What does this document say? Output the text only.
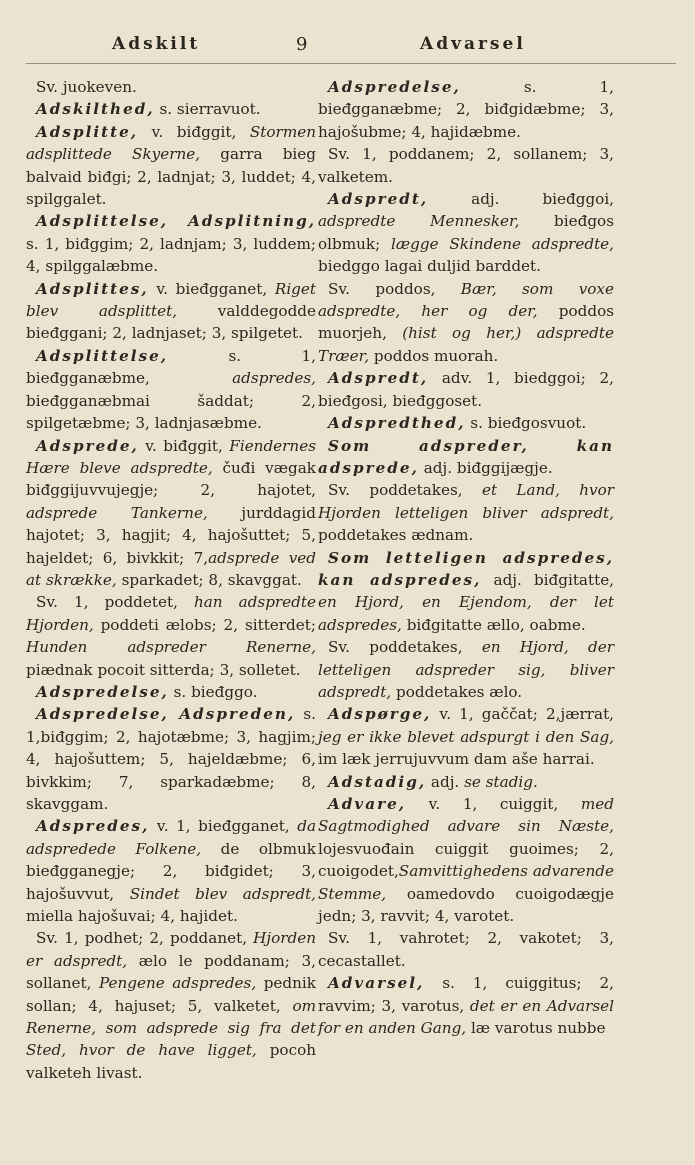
Adskilt	9	Advarsel

Sv. juokeven.

Adskilthed, s. sierravuot.

Adsplitte, v. biđggit, Stormen adsplittede Skyerne, garra bieg balvaid biđgi; 2, ladnjat; 3, luddet; 4, spilggalet.

Adsplittelse, Adsplitning, s. 1, biđggim; 2, ladnjam; 3, luddem; 4, spilggalæbme.

Adsplittes, v. bieđgganet, Riget blev adsplittet, valddegodde bieđggani; 2, ladnjaset; 3, spilgetet.

Adsplittelse, s. 1, bieđgganæbme, adspredes, bieđgganæbmai šaddat; 2, spilgetæbme; 3, ladnjasæbme.

Adsprede, v. biđggit, Fiendernes Hære bleve adspredte, čuđi vægak biđggijuvvujegje; 2, hajotet, adsprede Tankerne, jurddagid hajotet; 3, hagjit; 4, hajošuttet; 5, hajeldet; 6, bivkkit; 7,adsprede ved at skrække, sparkadet; 8, skavggat.

Sv. 1, poddetet, han adspredte Hjorden, poddeti ælobs; 2, sitterdet; Hunden adspreder Renerne, piædnak pocoit sitterda; 3, solletet.

Adspredelse, s. bieđggo.

Adspredelse, Adspreden, s. 1,biđggim; 2, hajotæbme; 3, hagjim; 4, hajošuttem; 5, hajeldæbme; 6, bivkkim; 7, sparkadæbme; 8, skavggam.

Adspredes, v. 1, bieđgganet, da adspredede Folkene, de olbmuk bieđgganegje; 2, biđgidet; 3, hajošuvvut, Sindet blev adspredt, miella hajošuvai; 4, hajidet.

Sv. 1, podhet; 2, poddanet, Hjorden er adspredt, ælo le poddanam; 3, sollanet, Pengene adspredes, pednik sollan; 4, hajuset; 5, valketet, om Renerne, som adsprede sig fra det Sted, hvor de have ligget, pocoh valketeh livast.

Adspredelse, s. 1, bieđgganæbme; 2, biđgidæbme; 3, hajošubme; 4, hajidæbme.

Sv. 1, poddanem; 2, sollanem; 3, valketem.

Adspredt, adj. bieđggoi, adspredte Mennesker, bieđgos olbmuk; lægge Skindene adspredte, biedggo lagai duljid barddet.

Sv. poddos, Bær, som voxe adspredte, her og der, poddos muorjeh, (hist og her,) adspredte Træer, poddos muorah.

Adspredt, adv. 1, biedggoi; 2, bieđgosi, bieđggoset.

Adspredthed, s. bieđgosvuot.

Som adspreder, kan adsprede, adj. biđggijægje.

Sv. poddetakes, et Land, hvor Hjorden letteligen bliver adspredt, poddetakes ædnam.

Som letteligen adspredes, kan adspredes, adj. biđgitatte, en Hjord, en Ejendom, der let adspredes, biđgitatte ællo, oabme.

Sv. poddetakes, en Hjord, der letteligen adspreder sig, bliver adspredt, poddetakes ælo.

Adspørge, v. 1, gaččat; 2,jærrat, jeg er ikke blevet adspurgt i den Sag, im læk jerrujuvvum dam aše harrai.

Adstadig, adj. se stadig.

Advare, v. 1, cuiggit, med Sagtmodighed advare sin Næste, lojesvuođain cuiggit guoimes; 2, cuoigodet,Samvittighedens advarende Stemme, oamedovdo cuoigodægje jedn; 3, ravvit; 4, varotet.

Sv. 1, vahrotet; 2, vakotet; 3, cecastallet.

Advarsel, s. 1, cuiggitus; 2, ravvim; 3, varotus, det er en Advarsel for en anden Gang, læ varotus nubbe
